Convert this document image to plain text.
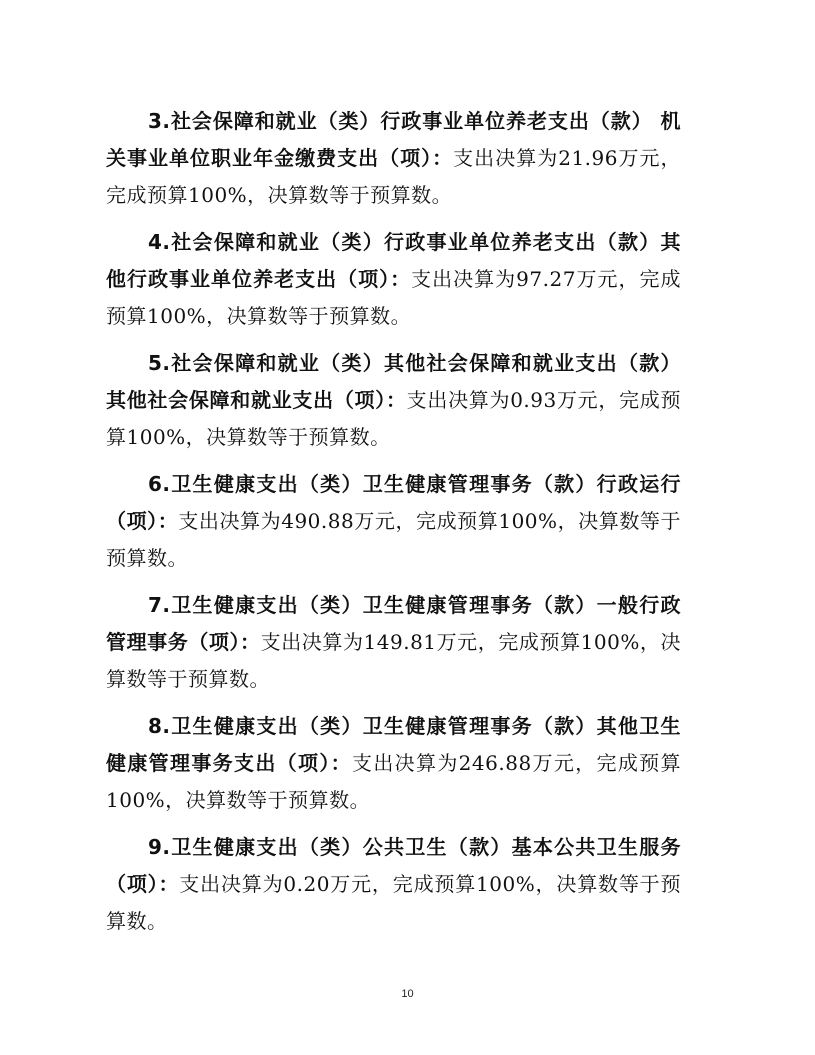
3.社会保障和就业（类）行政事业单位养老支出（款） 机关事业单位职业年金缴费支出（项）：支出决算为21.96万元，完成预算100%，决算数等于预算数。

4.社会保障和就业（类）行政事业单位养老支出（款）其他行政事业单位养老支出（项）：支出决算为97.27万元，完成预算100%，决算数等于预算数。

5.社会保障和就业（类）其他社会保障和就业支出（款）其他社会保障和就业支出（项）：支出决算为0.93万元，完成预算100%，决算数等于预算数。

6.卫生健康支出（类）卫生健康管理事务（款）行政运行（项）：支出决算为490.88万元，完成预算100%，决算数等于预算数。

7.卫生健康支出（类）卫生健康管理事务（款）一般行政管理事务（项）：支出决算为149.81万元，完成预算100%，决算数等于预算数。

8.卫生健康支出（类）卫生健康管理事务（款）其他卫生健康管理事务支出（项）：支出决算为246.88万元，完成预算100%，决算数等于预算数。

9.卫生健康支出（类）公共卫生（款）基本公共卫生服务（项）：支出决算为0.20万元，完成预算100%，决算数等于预算数。

10
